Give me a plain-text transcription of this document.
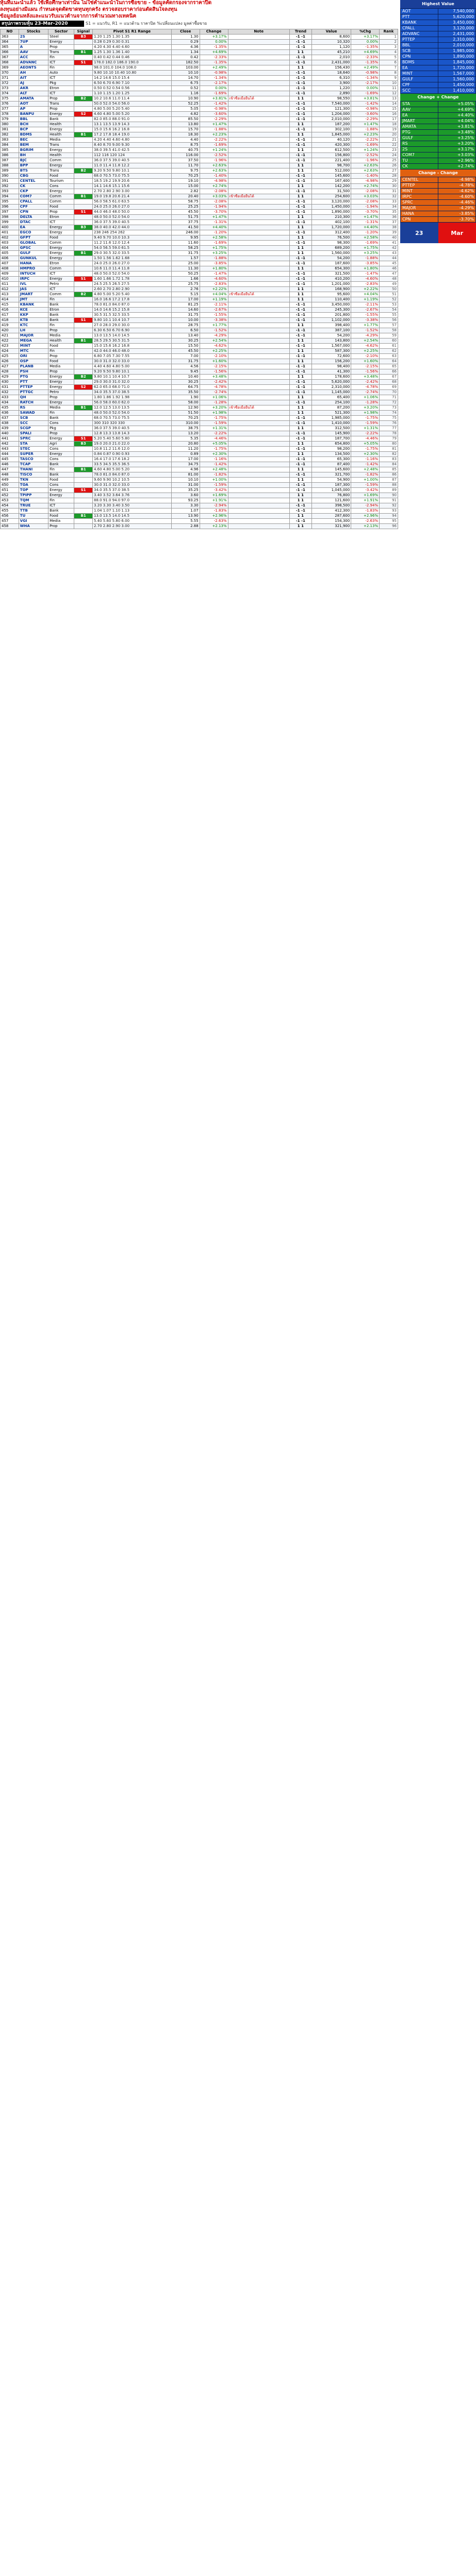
หุ้นที่แนะนำแล้ว ใช้เพื่อศึกษาเท่านั้น ไม่ใช่คำแนะนำในการซื้อขาย - ข้อมูลคัดกรองจากราคาปิด
ลงทุนอย่างมีแผน กำหนดจุดตัดขาดทุนทุกครั้ง ตรวจสอบราคาก่อนตัดสินใจลงทุน
ข้อมูลย้อนหลังและแนวรับแนวต้านจากการคำนวณทางเทคนิค
สรุปภาพรวมหุ้น 23-Mar-2020	S1 = แนวรับ, R1 = แนวต้าน ราคาปิด %เปลี่ยนแปลง มูลค่าซื้อขาย
NO	Stocks	Sector	Signal	Pivot S1 R1 Range	Close	Change	Note	Trend	Value	%Chg	Rank
363	2S	Steel	B3	1.20 1.25 1.30 1.35	1.30	+3.17%		-1 -1	8,600	+3.17%	1
364	7UP	Energy		0.28 0.29 0.30 0.31	0.29	0.00%		-1 -1	10,320	0.00%	2
365	A	Prop		4.20 4.30 4.40 4.60	4.36	-1.35%		-1 -1	1,120	-1.35%	3
366	AAV	Trans	B1	1.25 1.30 1.36 1.40	1.34	+4.69%		1 1	45,210	+4.69%	4
367	ACC	Fin		0.40 0.42 0.44 0.46	0.42	-2.33%		-1 -1	2,010	-2.33%	5
368	ADVANC	ICT	S1	178.0 182.0 186.0 190.0	182.50	-1.35%		-1 -1	2,431,000	-1.35%	6
369	AEONTS	Fin		98.0 101.0 104.0 108.0	103.00	+2.49%		1 1	156,430	+2.49%	7
370	AH	Auto		9.80 10.10 10.40 10.80	10.10	-0.98%		-1 -1	18,640	-0.98%	8
371	AIT	ICT		14.2 14.6 15.0 15.4	14.70	-1.34%		-1 -1	6,310	-1.34%	9
372	AJ	Pkg		6.50 6.70 6.90 7.10	6.75	-2.17%		-1 -1	3,900	-2.17%	10
373	AKR	Etron		0.50 0.52 0.54 0.56	0.52	0.00%		-1 -1	1,220	0.00%	11
374	ALT	ICT		1.10 1.15 1.20 1.25	1.16	-1.69%		-1 -1	2,890	-1.69%	12
375	AMATA	Prop	B2	10.2 10.6 11.0 11.4	10.90	+3.81%	เข้าซื้อเมื่อยืนได้	1 1	98,550	+3.81%	13
376	AOT	Trans		50.0 52.0 54.0 56.0	52.25	-1.42%		-1 -1	7,540,000	-1.42%	14
377	AP	Prop		4.80 5.00 5.20 5.40	5.05	-0.98%		-1 -1	121,300	-0.98%	15
378	BANPU	Energy	S2	4.60 4.80 5.00 5.20	4.82	-3.60%		-1 -1	1,204,000	-3.60%	16
379	BBL	Bank		82.0 85.0 88.0 91.0	85.50	-2.29%		-1 -1	2,010,000	-2.29%	17
380	BCH	Health		13.1 13.5 13.9 14.3	13.80	+1.47%		1 1	187,200	+1.47%	18
381	BCP	Energy		15.0 15.6 16.2 16.8	15.70	-1.88%		-1 -1	302,100	-1.88%	19
382	BDMS	Health	B1	17.2 17.8 18.4 19.0	18.30	+2.23%		1 1	1,845,000	+2.23%	20
383	BEC	Media		4.20 4.40 4.60 4.80	4.40	-2.22%		-1 -1	40,120	-2.22%	21
384	BEM	Trans		8.40 8.70 9.00 9.30	8.75	-1.69%		-1 -1	420,300	-1.69%	22
385	BGRIM	Energy		38.0 39.5 41.0 42.5	40.75	+1.24%		1 1	612,500	+1.24%	23
386	BH	Health		112 116 120 124	116.00	-2.52%		-1 -1	156,800	-2.52%	24
387	BJC	Comm		36.0 37.5 39.0 40.5	37.50	-1.96%		-1 -1	221,400	-1.96%	25
388	BPP	Energy		11.0 11.4 11.8 12.2	11.70	+2.63%		1 1	98,700	+2.63%	26
389	BTS	Trans	B2	9.20 9.50 9.80 10.1	9.75	+2.63%		1 1	512,000	+2.63%	27
390	CBG	Food		68.0 70.5 73.0 75.5	70.25	-1.40%		-1 -1	145,600	-1.40%	28
391	CENTEL	Tourism		18.5 19.2 19.9 20.6	19.10	-4.98%		-1 -1	167,400	-4.98%	29
392	CK	Cons		14.1 14.6 15.1 15.6	15.00	+2.74%		1 1	142,200	+2.74%	30
393	CKP	Energy		2.70 2.80 2.90 3.00	2.82	-2.08%		-1 -1	31,500	-2.08%	31
394	COM7	Comm	B1	19.0 19.8 20.6 21.4	20.40	+3.03%	เข้าซื้อเมื่อยืนได้	1 1	254,600	+3.03%	32
395	CPALL	Comm		56.0 58.5 61.0 63.5	58.75	-2.08%		-1 -1	3,120,000	-2.08%	33
396	CPF	Food		24.0 25.0 26.0 27.0	25.25	-1.94%		-1 -1	1,450,000	-1.94%	34
397	CPN	Prop	S1	44.0 46.0 48.0 50.0	45.50	-3.70%		-1 -1	1,890,000	-3.70%	35
398	DELTA	Etron		48.0 50.0 52.0 54.0	51.75	+1.47%		1 1	210,300	+1.47%	36
399	DTAC	ICT		36.0 37.5 39.0 40.5	37.75	-1.31%		-1 -1	402,100	-1.31%	37
400	EA	Energy	B3	38.0 40.0 42.0 44.0	41.50	+4.40%		1 1	1,720,000	+4.40%	38
401	EGCO	Energy		238 246 254 262	246.00	-1.20%		-1 -1	312,400	-1.20%	39
402	GFPT	Food		9.40 9.70 10.0 10.3	9.95	+2.58%		1 1	76,500	+2.58%	40
403	GLOBAL	Comm		11.2 11.6 12.0 12.4	11.60	-1.69%		-1 -1	98,300	-1.69%	41
404	GPSC	Energy		54.0 56.5 59.0 61.5	58.25	+1.75%		1 1	689,200	+1.75%	42
405	GULF	Energy	B1	29.0 30.5 32.0 33.5	31.75	+3.25%		1 1	1,560,000	+3.25%	43
406	GUNKUL	Energy		1.50 1.56 1.62 1.68	1.57	-1.88%		-1 -1	54,200	-1.88%	44
407	HANA	Etron		24.0 25.0 26.0 27.0	25.00	-3.85%		-1 -1	187,600	-3.85%	45
408	HMPRO	Comm		10.6 11.0 11.4 11.8	11.30	+1.80%		1 1	654,300	+1.80%	46
409	INTUCH	ICT		48.0 50.0 52.0 54.0	50.25	-1.47%		-1 -1	321,500	-1.47%	47
410	IRPC	Energy	S1	1.60 1.66 1.72 1.78	1.66	-4.60%		-1 -1	410,200	-4.60%	48
411	IVL	Petro		24.5 25.5 26.5 27.5	25.75	-2.83%		-1 -1	1,201,000	-2.83%	49
412	JAS	ICT		2.60 2.70 2.80 2.90	2.76	+2.22%		1 1	168,900	+2.22%	50
413	JMART	Comm	B2	4.80 5.00 5.20 5.40	5.15	+4.04%	เข้าซื้อเมื่อยืนได้	1 1	95,600	+4.04%	51
414	JMT	Fin		16.0 16.6 17.2 17.8	17.00	+1.19%		1 1	110,400	+1.19%	52
415	KBANK	Bank		78.0 81.0 84.0 87.0	81.25	-2.11%		-1 -1	3,450,000	-2.11%	53
416	KCE	Etron		14.0 14.6 15.2 15.8	14.60	-2.67%		-1 -1	245,300	-2.67%	54
417	KKP	Bank		30.5 31.5 32.5 33.5	31.75	-1.55%		-1 -1	201,800	-1.55%	55
418	KTB	Bank	S1	9.80 10.1 10.4 10.7	10.00	-3.38%		-1 -1	1,102,000	-3.38%	56
419	KTC	Fin		27.0 28.0 29.0 30.0	28.75	+1.77%		1 1	398,400	+1.77%	57
420	LH	Prop		6.30 6.50 6.70 6.90	6.50	-1.52%		-1 -1	387,100	-1.52%	58
421	MAJOR	Media		13.0 13.5 14.0 14.5	13.40	-4.29%		-1 -1	54,200	-4.29%	59
422	MEGA	Health	B1	28.5 29.5 30.5 31.5	30.25	+2.54%		1 1	143,800	+2.54%	60
423	MINT	Food		15.0 15.6 16.2 16.8	15.50	-4.62%		-1 -1	1,567,000	-4.62%	61
424	MTC	Fin		42.0 44.0 46.0 48.0	45.50	+2.25%		1 1	587,300	+2.25%	62
425	ORI	Prop		6.80 7.05 7.30 7.55	7.00	-2.10%		-1 -1	72,600	-2.10%	63
426	OSP	Food		30.0 31.0 32.0 33.0	31.75	+1.60%		1 1	156,200	+1.60%	64
427	PLANB	Media		4.40 4.60 4.80 5.00	4.56	-2.15%		-1 -1	98,400	-2.15%	65
428	PSH	Prop		9.20 9.50 9.80 10.1	9.45	-1.56%		-1 -1	41,300	-1.56%	66
429	PTG	Energy	B2	9.80 10.1 10.4 10.7	10.40	+3.48%		1 1	178,600	+3.48%	67
430	PTT	Energy		29.0 30.0 31.0 32.0	30.25	-2.42%		-1 -1	5,620,000	-2.42%	68
431	PTTEP	Energy	S2	62.0 65.0 68.0 71.0	64.75	-4.78%		-1 -1	2,310,000	-4.78%	69
432	PTTGC	Petro		34.0 35.5 37.0 38.5	35.50	-2.74%		-1 -1	1,145,000	-2.74%	70
433	QH	Prop		1.80 1.86 1.92 1.98	1.90	+1.06%		1 1	65,400	+1.06%	71
434	RATCH	Energy		56.0 58.0 60.0 62.0	58.00	-1.28%		-1 -1	254,100	-1.28%	72
435	RS	Media	B1	12.0 12.5 13.0 13.5	12.90	+3.20%	เข้าซื้อเมื่อยืนได้	1 1	87,200	+3.20%	73
436	SAWAD	Fin		48.0 50.0 52.0 54.0	51.50	+1.98%		1 1	521,300	+1.98%	74
437	SCB	Bank		68.0 70.5 73.0 75.5	70.25	-1.75%		-1 -1	1,985,000	-1.75%	75
438	SCC	Cons		300 310 320 330	310.00	-1.59%		-1 -1	1,410,000	-1.59%	76
439	SCGP	Pkg		36.0 37.5 39.0 40.5	38.75	+1.31%		1 1	312,500	+1.31%	77
440	SPALI	Prop		12.8 13.3 13.8 14.3	13.20	-2.22%		-1 -1	145,900	-2.22%	78
441	SPRC	Energy	S1	5.20 5.40 5.60 5.80	5.35	-4.46%		-1 -1	187,700	-4.46%	79
442	STA	Agri	B3	19.0 20.0 21.0 22.0	20.80	+5.05%		1 1	654,800	+5.05%	80
443	STEC	Cons		10.8 11.2 11.6 12.0	11.20	-1.75%		-1 -1	98,200	-1.75%	81
444	SUPER	Energy		0.84 0.87 0.90 0.93	0.89	+2.30%		1 1	134,500	+2.30%	82
445	TASCO	Cons		16.4 17.0 17.6 18.2	17.00	-1.16%		-1 -1	65,300	-1.16%	83
446	TCAP	Bank		33.5 34.5 35.5 36.5	34.75	-1.42%		-1 -1	87,400	-1.42%	84
447	THANI	Fin	B1	4.60 4.80 5.00 5.20	4.96	+2.48%		1 1	145,600	+2.48%	85
448	TISCO	Bank		78.0 81.0 84.0 87.0	81.00	-1.82%		-1 -1	321,700	-1.82%	86
449	TKN	Food		9.60 9.90 10.2 10.5	10.10	+1.00%		1 1	54,900	+1.00%	87
450	TOA	Cons		30.0 31.0 32.0 33.0	31.00	-1.59%		-1 -1	187,300	-1.59%	88
451	TOP	Energy	S1	34.0 35.5 37.0 38.5	35.25	-3.42%		-1 -1	1,045,000	-3.42%	89
452	TPIPP	Energy		3.40 3.52 3.64 3.76	3.60	+1.69%		1 1	76,800	+1.69%	90
453	TQM	Fin		88.0 91.0 94.0 97.0	93.25	+1.91%		1 1	121,600	+1.91%	91
454	TRUE	ICT		3.20 3.30 3.40 3.50	3.30	-2.94%		-1 -1	398,500	-2.94%	92
455	TTB	Bank		1.04 1.07 1.10 1.13	1.07	-1.83%		-1 -1	412,300	-1.83%	93
456	TU	Food	B1	13.0 13.5 14.0 14.5	13.90	+2.96%		1 1	287,600	+2.96%	94
457	VGI	Media		5.40 5.60 5.80 6.00	5.55	-2.63%		-1 -1	154,300	-2.63%	95
458	WHA	Prop		2.70 2.80 2.90 3.00	2.88	+2.13%		1 1	321,900	+2.13%	96
Highest Value
AOT	7,540,000
PTT	5,620,000
KBANK	3,450,000
CPALL	3,120,000
ADVANC	2,431,000
PTTEP	2,310,000
BBL	2,010,000
SCB	1,985,000
CPN	1,890,000
BDMS	1,845,000
EA	1,720,000
MINT	1,567,000
GULF	1,560,000
CPF	1,450,000
SCC	1,410,000
Change + Change
STA	+5.05%
AAV	+4.69%
EA	+4.40%
JMART	+4.04%
AMATA	+3.81%
PTG	+3.48%
GULF	+3.25%
RS	+3.20%
2S	+3.17%
COM7	+3.03%
TU	+2.96%
CK	+2.74%
Change - Change
CENTEL	-4.98%
PTTEP	-4.78%
MINT	-4.62%
IRPC	-4.60%
SPRC	-4.46%
MAJOR	-4.29%
HANA	-3.85%
CPN	-3.70%
23	Mar
